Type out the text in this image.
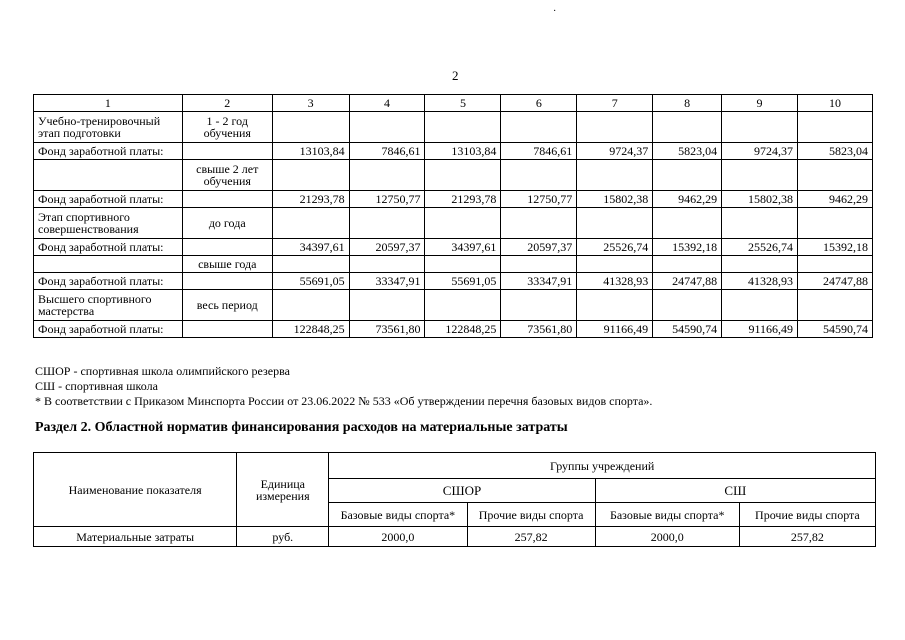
·
2
1	2	3	4	5	6	7	8	9	10
Учебно-тренировочный этап подготовки	1 - 2 год обучения								
Фонд заработной платы:		13103,84	7846,61	13103,84	7846,61	9724,37	5823,04	9724,37	5823,04
	свыше 2 лет обучения								
Фонд заработной платы:		21293,78	12750,77	21293,78	12750,77	15802,38	9462,29	15802,38	9462,29
Этап спортивного совершенствования	до года								
Фонд заработной платы:		34397,61	20597,37	34397,61	20597,37	25526,74	15392,18	25526,74	15392,18
	свыше года								
Фонд заработной платы:		55691,05	33347,91	55691,05	33347,91	41328,93	24747,88	41328,93	24747,88
Высшего спортивного мастерства	весь период								
Фонд заработной платы:		122848,25	73561,80	122848,25	73561,80	91166,49	54590,74	91166,49	54590,74
СШОР - спортивная школа олимпийского резерва
СШ - спортивная школа
* В соответствии с Приказом Минспорта России от 23.06.2022 № 533 «Об утверждении перечня базовых видов спорта».
Раздел 2. Областной норматив финансирования расходов на материальные затраты
Наименование показателя	Единица измерения	Группы учреждений			
		СШОР		СШ	
		Базовые виды спорта*	Прочие виды спорта	Базовые виды спорта*	Прочие виды спорта
Материальные затраты	руб.	2000,0	257,82	2000,0	257,82
